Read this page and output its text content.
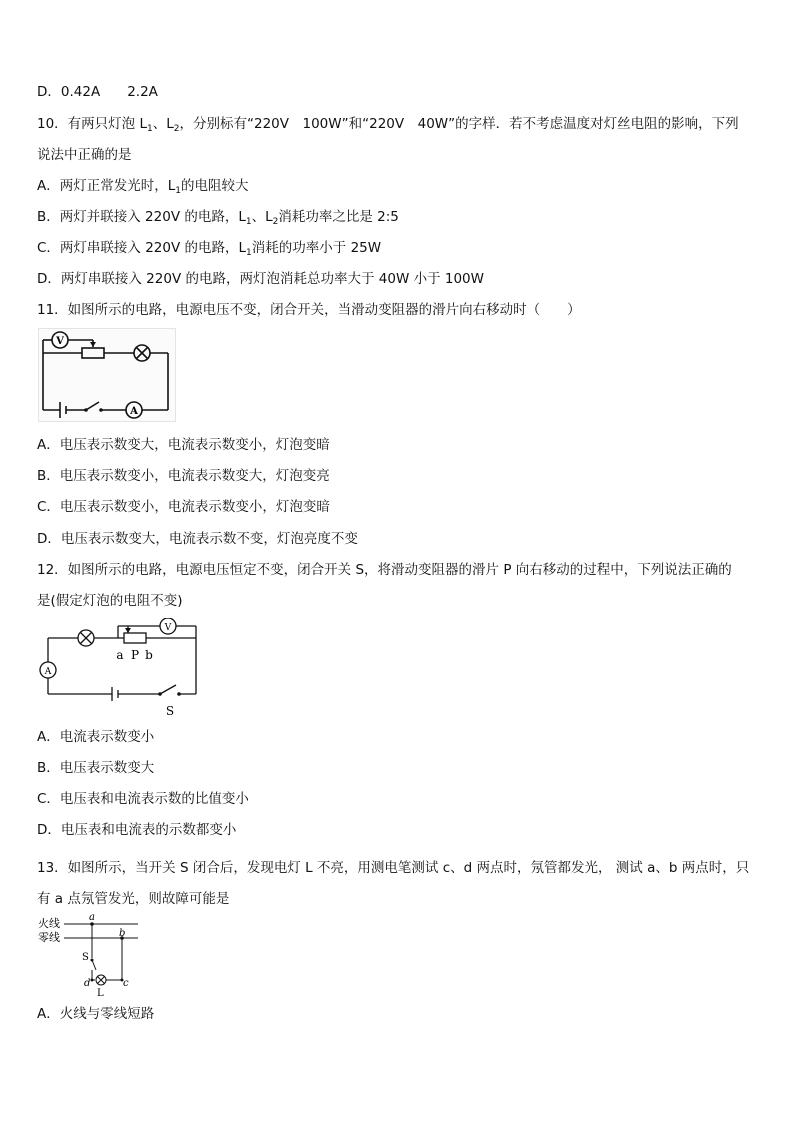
D．0.42A　　2.2A
10．有两只灯泡 $L_1$、$L_2$，分别标有“220V　100W”和“220V　40W”的字样．若不考虑温度对灯丝电阻的影响，下列
说法中正确的是
A．两灯正常发光时，$L_1$的电阻较大
B．两灯并联接入 220V 的电路，$L_1$、$L_2$消耗功率之比是 2:5
C．两灯串联接入 220V 的电路，$L_1$消耗的功率小于 25W
D．两灯串联接入 220V 的电路，两灯泡消耗总功率大于 40W 小于 100W
11．如图所示的电路，电源电压不变，闭合开关，当滑动变阻器的滑片向右移动时（　　）
V
A
A．电压表示数变大，电流表示数变小，灯泡变暗
B．电压表示数变小，电流表示数变大，灯泡变亮
C．电压表示数变小，电流表示数变小，灯泡变暗
D．电压表示数变大，电流表示数不变，灯泡亮度不变
12．如图所示的电路，电源电压恒定不变，闭合开关 S，将滑动变阻器的滑片 P 向右移动的过程中，下列说法正确的
是(假定灯泡的电阻不变)
V
A
a P b
S
A．电流表示数变小
B．电压表示数变大
C．电压表和电流表示数的比值变小
D．电压表和电流表的示数都变小
13．如图所示，当开关 S 闭合后，发现电灯 L 不亮，用测电笔测试 c、d 两点时，氖管都发光， 测试 a、b 两点时，只
有 a 点氖管发光，则故障可能是
火线
零线
a
b
c
d
S
L
A．火线与零线短路
